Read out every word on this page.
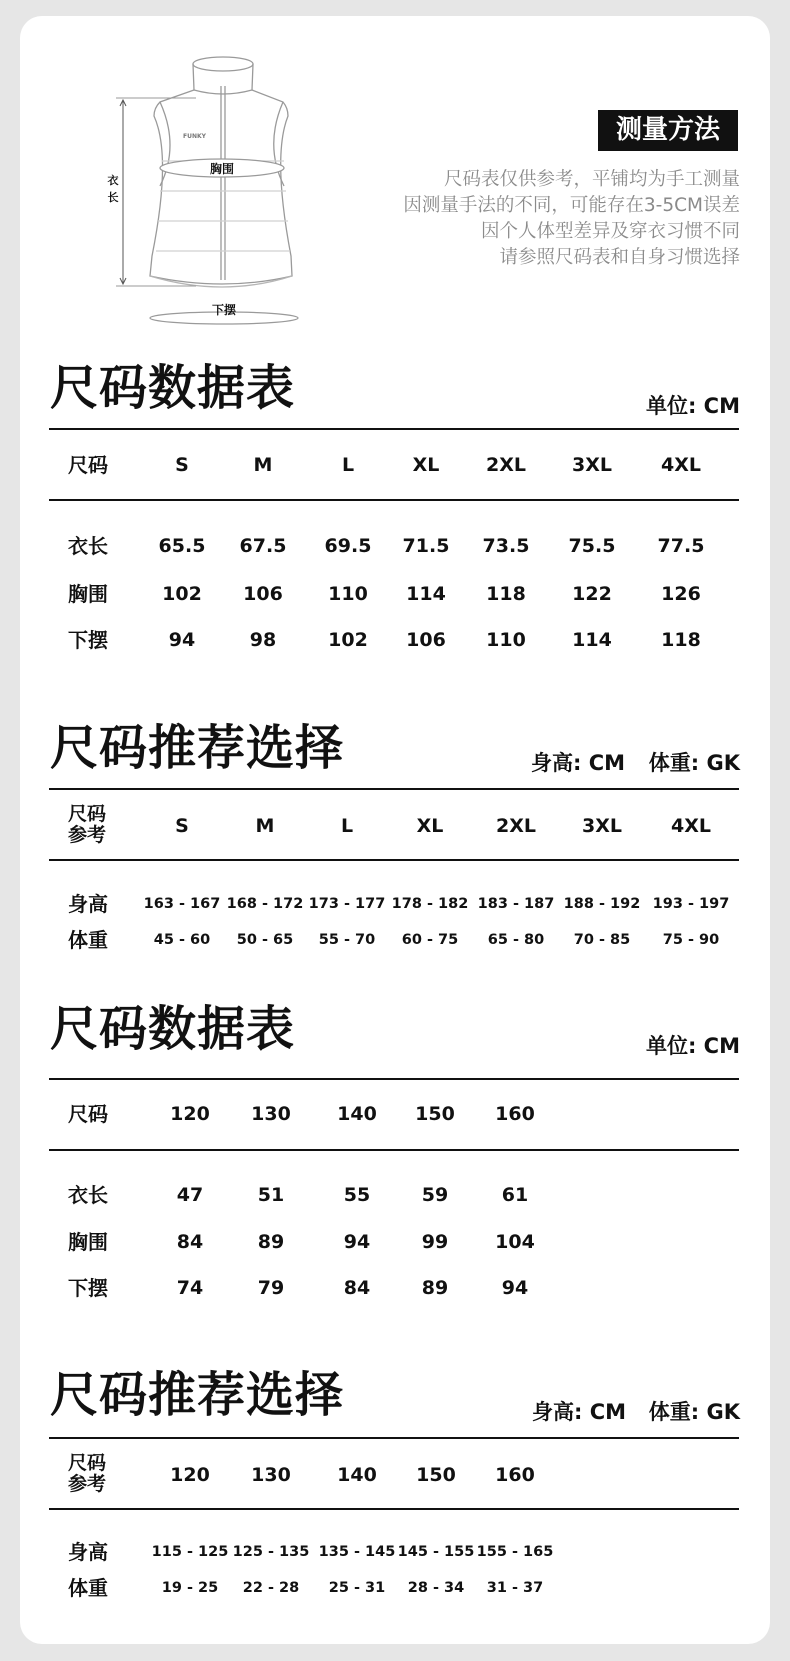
FUNKY
胸围
衣
长
下摆
测量方法
尺码表仅供参考，平铺均为手工测量
因测量手法的不同，可能存在3-5CM误差
因个人体型差异及穿衣习惯不同
请参照尺码表和自身习惯选择
尺码数据表	单位: CM
尺码	S	M	L	XL 2XL 3XL	4XL
衣长	65.5 67.5 69.5 71.5 73.5 75.5 77.5
胸围	102 106 110 114 118 122	126
下摆	94	98	102 106 110 114	118
尺码推荐选择	身高: CM 体重: GK
尺码
参考	S	M	L	XL	2XL 3XL	4XL
身高 163 - 167 168 - 172 173 - 177 178 - 182 183 - 187 188 - 192 193 - 197
体重	45 - 60 50 - 65 55 - 70 60 - 75 65 - 80 70 - 85 75 - 90
尺码数据表	单位: CM
尺码	120 130 140 150 160
衣长	47	51	55	59	61
胸围	84	89	94	99 104
下摆	74	79	84	89	94
尺码推荐选择	身高: CM 体重: GK
尺码
参考	120 130 140 150 160
身高	115 - 125 125 - 135 135 - 145 145 - 155 155 - 165
体重	19 - 25 22 - 28 25 - 31 28 - 34 31 - 37
